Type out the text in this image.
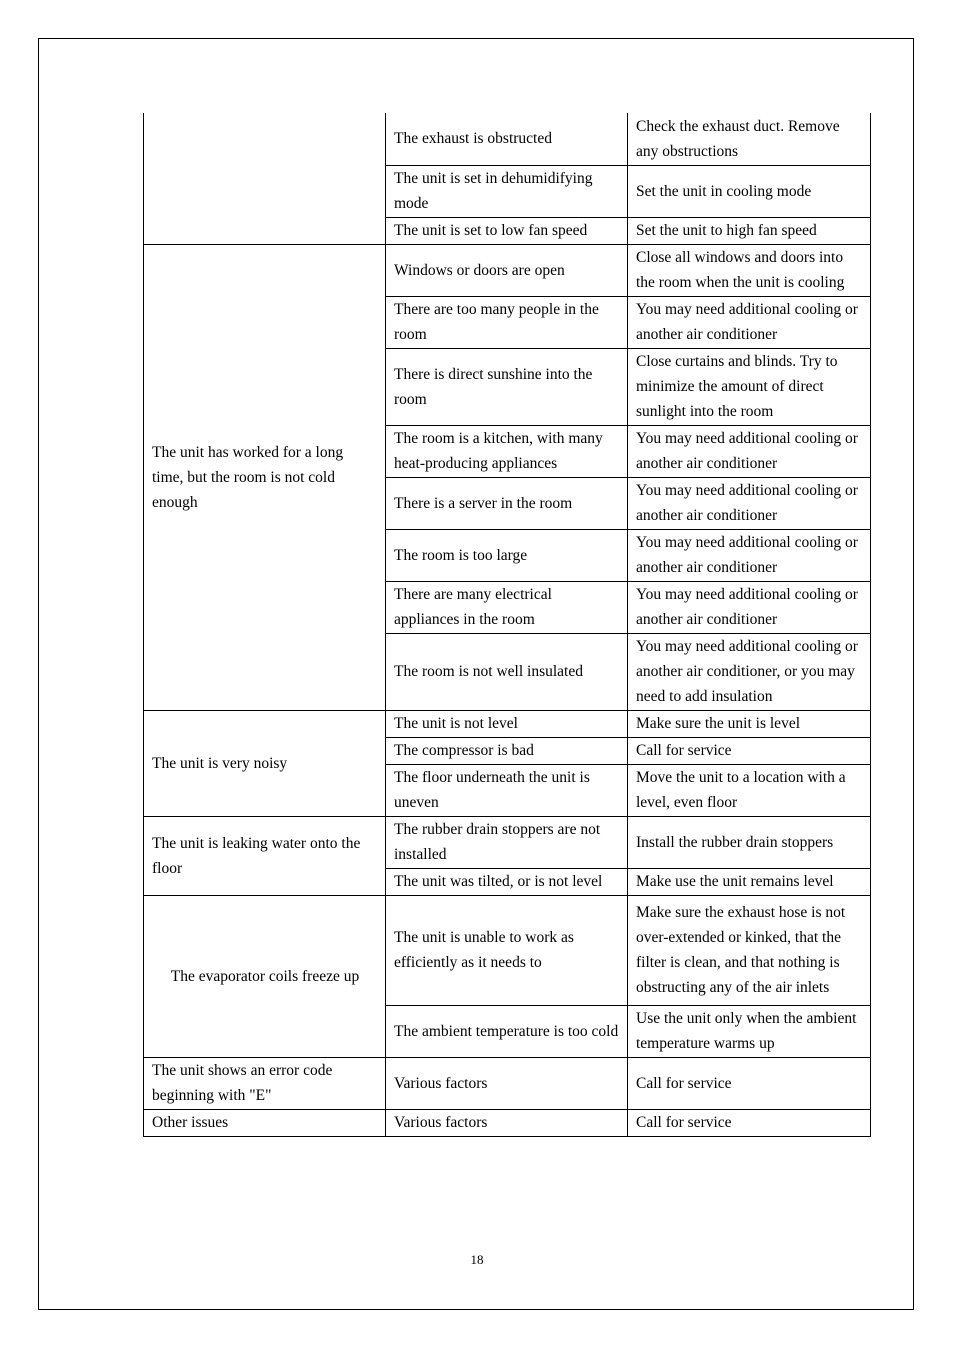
	The exhaust is obstructed	Check the exhaust duct. Remove any obstructions
	The unit is set in dehumidifying mode	Set the unit in cooling mode
	The unit is set to low fan speed	Set the unit to high fan speed
The unit has worked for a long time, but the room is not cold enough	Windows or doors are open	Close all windows and doors into the room when the unit is cooling
	There are too many people in the room	You may need additional cooling or another air conditioner
	There is direct sunshine into the room	Close curtains and blinds. Try to minimize the amount of direct sunlight into the room
	The room is a kitchen, with many heat-producing appliances	You may need additional cooling or another air conditioner
	There is a server in the room	You may need additional cooling or another air conditioner
	The room is too large	You may need additional cooling or another air conditioner
	There are many electrical appliances in the room	You may need additional cooling or another air conditioner
	The room is not well insulated	You may need additional cooling or another air conditioner, or you may need to add insulation
The unit is very noisy	The unit is not level	Make sure the unit is level
	The compressor is bad	Call for service
	The floor underneath the unit is uneven	Move the unit to a location with a level, even floor
The unit is leaking water onto the floor	The rubber drain stoppers are not installed	Install the rubber drain stoppers
	The unit was tilted, or is not level	Make use the unit remains level
The evaporator coils freeze up	The unit is unable to work as efficiently as it needs to	Make sure the exhaust hose is not over-extended or kinked, that the filter is clean, and that nothing is obstructing any of the air inlets
	The ambient temperature is too cold	Use the unit only when the ambient temperature warms up
The unit shows an error code beginning with "E"	Various factors	Call for service
Other issues	Various factors	Call for service
18
